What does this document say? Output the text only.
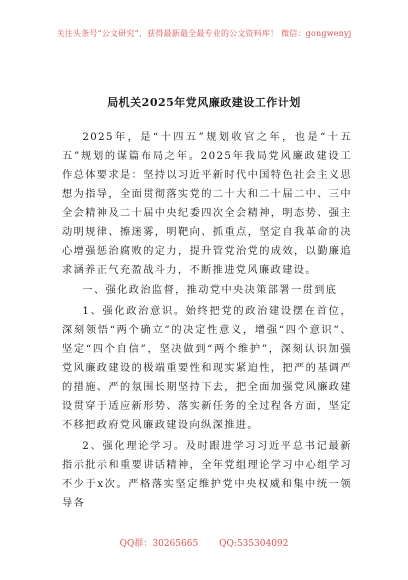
关注头条号“公文研究”，获得最新最全最专业的公文资料库！ 微信：gongwenyj
局机关2025年党风廉政建设工作计划

2025年，是“十四五”规划收官之年，也是“十五五”规划的谋篇布局之年。2025年我局党风廉政建设工作总体要求是：坚持以习近平新时代中国特色社会主义思想为指导，全面贯彻落实党的二十大和二十届二中、三中全会精神及二十届中央纪委四次全会精神，明态势、强主动明规律、擦迷雾，明靶向、抓重点，坚定自我革命的决心增强惩治腐败的定力，提升管党治党的成效，以勤廉追求涵养正气充盈战斗力，不断推进党风廉政建设。

一、强化政治监督，推动党中央决策部署一贯到底

1、强化政治意识。始终把党的政治建设摆在首位，深刻领悟“两个确立”的决定性意义，增强“四个意识”、坚定“四个自信”，坚决做到“两个维护”，深刻认识加强党风廉政建设的极端重要性和现实紧迫性，把严的基调严的措施、严的氛围长期坚持下去，把全面加强党风廉政建设贯穿于适应新形势、落实新任务的全过程各方面，坚定不移把政府党风廉政建设向纵深推进。

2、强化理论学习。及时跟进学习习近平总书记最新指示批示和重要讲话精神，全年党组理论学习中心组学习不少于x次。严格落实坚定维护党中央权威和集中统一领导各

QQ群：30265665 QQ:535304092
